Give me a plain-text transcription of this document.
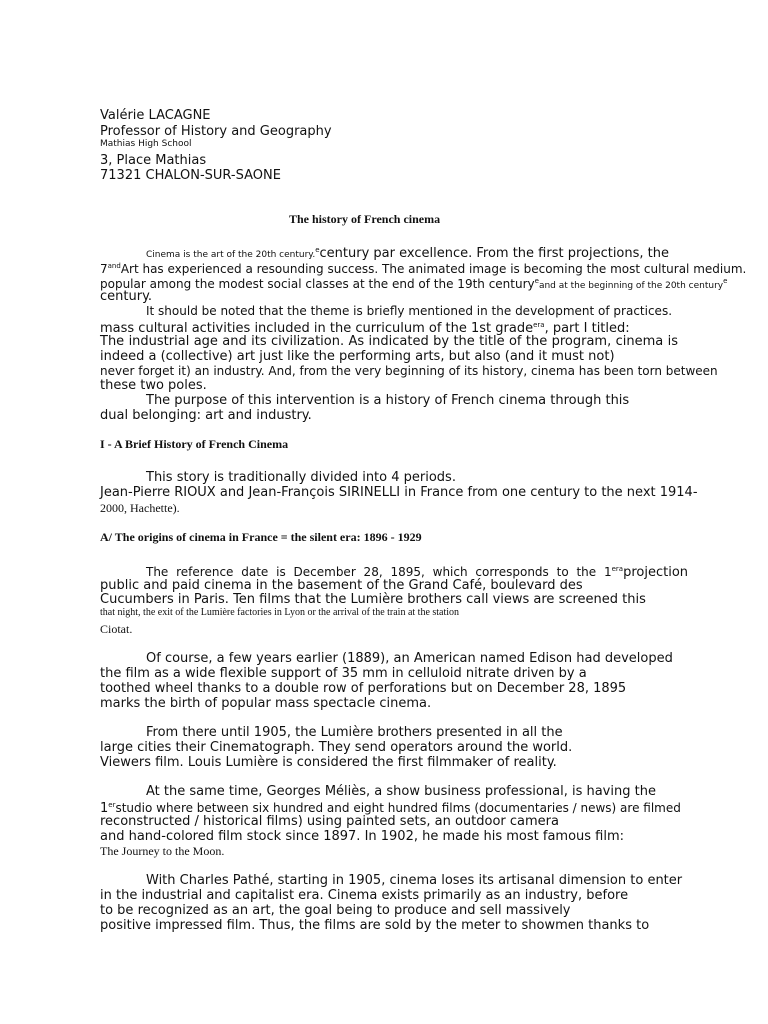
Valérie LACAGNE
Professor of History and Geography
Mathias High School
3, Place Mathias
71321 CHALON-SUR-SAONE
The history of French cinema
Cinema is the art of the 20th century.$^e$century par excellence. From the first projections, the
$7^{and}Art$ has experienced a resounding success. The animated image is becoming the most cultural medium.
popular among the modest social classes at the end of the 19th century$^e$and at the beginning of the 20th century$^e$
century.
It should be noted that the theme is briefly mentioned in the development of practices.
mass cultural activities included in the curriculum of the 1st grade$^{era}$, part I titled:
The industrial age and its civilization. As indicated by the title of the program, cinema is
indeed a (collective) art just like the performing arts, but also (and it must not)
never forget it) an industry. And, from the very beginning of its history, cinema has been torn between
these two poles.
The purpose of this intervention is a history of French cinema through this
dual belonging: art and industry.
I - A Brief History of French Cinema
This story is traditionally divided into 4 periods.
Jean-Pierre RIOUX and Jean-François SIRINELLI in France from one century to the next 1914-
2000, Hachette).
A/ The origins of cinema in France = the silent era: 1896 - 1929
The reference date is December 28, 1895, which corresponds to the $1^{era}projection$
public and paid cinema in the basement of the Grand Café, boulevard des
Cucumbers in Paris. Ten films that the Lumière brothers call views are screened this
that night, the exit of the Lumière factories in Lyon or the arrival of the train at the station
Ciotat.
Of course, a few years earlier (1889), an American named Edison had developed
the film as a wide flexible support of 35 mm in celluloid nitrate driven by a
toothed wheel thanks to a double row of perforations but on December 28, 1895
marks the birth of popular mass spectacle cinema.
From there until 1905, the Lumière brothers presented in all the
large cities their Cinematograph. They send operators around the world.
Viewers film. Louis Lumière is considered the first filmmaker of reality.
At the same time, Georges Méliès, a show business professional, is having the
1erstudio where between six hundred and eight hundred films (documentaries / news) are filmed
reconstructed / historical films) using painted sets, an outdoor camera
and hand-colored film stock since 1897. In 1902, he made his most famous film:
The Journey to the Moon.
With Charles Pathé, starting in 1905, cinema loses its artisanal dimension to enter
in the industrial and capitalist era. Cinema exists primarily as an industry, before
to be recognized as an art, the goal being to produce and sell massively
positive impressed film. Thus, the films are sold by the meter to showmen thanks to
